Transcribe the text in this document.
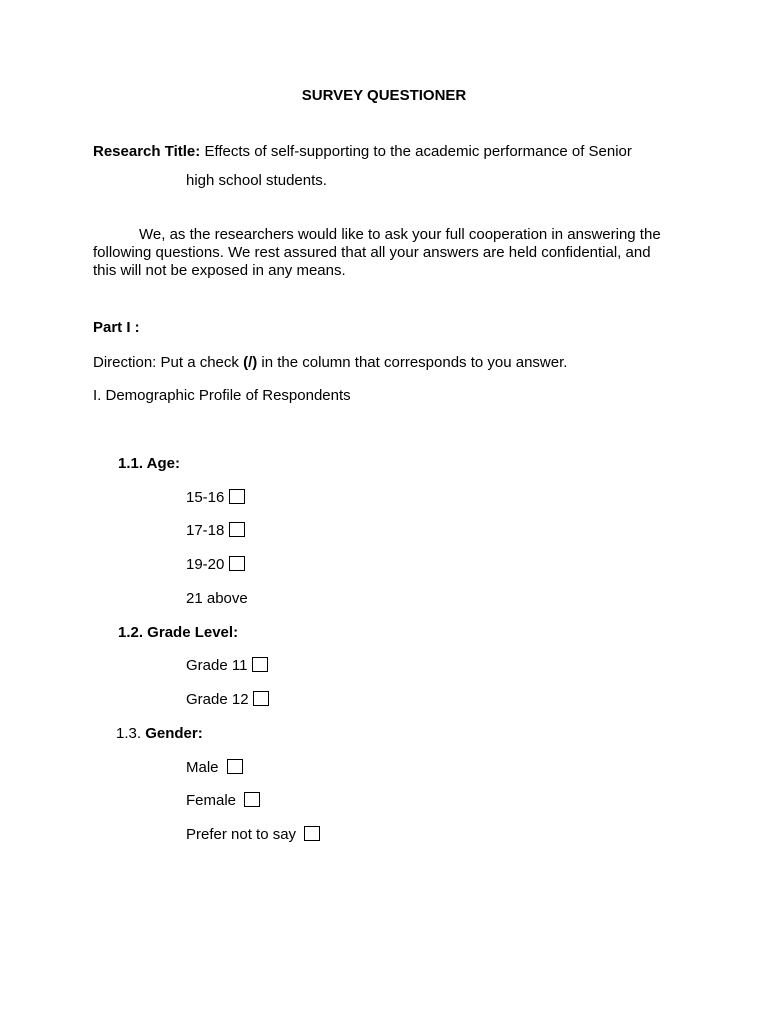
SURVEY QUESTIONER
Research Title: Effects of self-supporting to the academic performance of Senior
high school students.
We, as the researchers would like to ask your full cooperation in answering the following questions. We rest assured that all your answers are held confidential, and this will not be exposed in any means.
Part I :
Direction: Put a check (/) in the column that corresponds to you answer.
I. Demographic Profile of Respondents
1.1. Age:
15-16
17-18
19-20
21 above
1.2. Grade Level:
Grade 11
Grade 12
1.3. Gender:
Male
Female
Prefer not to say
